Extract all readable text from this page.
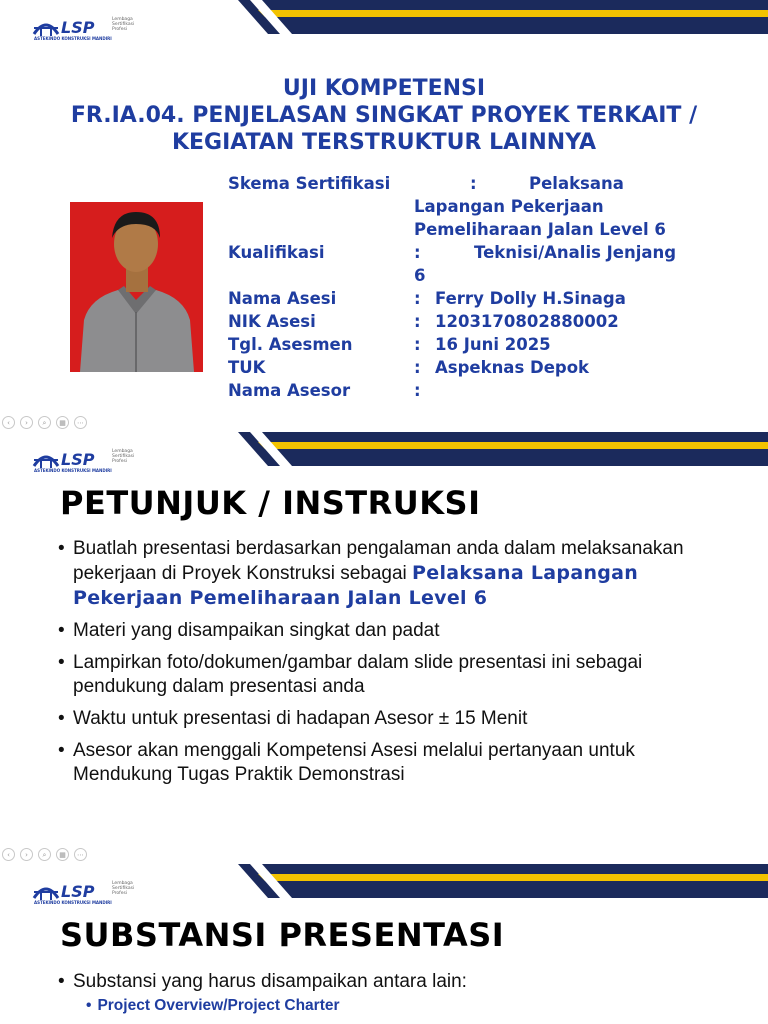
LSP	Lembaga
Sertifikasi
Profesi
ASTEKINDO KONSTRUKSI MANDIRI
UJI KOMPETENSI
FR.IA.04. PENJELASAN SINGKAT PROYEK TERKAIT /
KEGIATAN TERSTRUKTUR LAINNYA
Skema Sertifikasi	:	Pelaksana
Lapangan Pekerjaan
Pemeliharaan Jalan Level 6
Kualifikasi	:	Teknisi/Analis Jenjang
6
Nama Asesi	: Ferry Dolly H.Sinaga
NIK Asesi	: 1203170802880002
Tgl. Asesmen	: 16 Juni 2025
TUK	: Aspeknas Depok
Nama Asesor	:
‹	›	⌕	▦	⋯
LSP	Lembaga
Sertifikasi
Profesi
ASTEKINDO KONSTRUKSI MANDIRI
PETUNJUK / INSTRUKSI
• Buatlah presentasi berdasarkan pengalaman anda dalam melaksanakan pekerjaan di Proyek Konstruksi sebagai Pelaksana Lapangan Pekerjaan Pemeliharaan Jalan Level 6
• Materi yang disampaikan singkat dan padat
• Lampirkan foto/dokumen/gambar dalam slide presentasi ini sebagai pendukung dalam presentasi anda
• Waktu untuk presentasi di hadapan Asesor ± 15 Menit
• Asesor akan menggali Kompetensi Asesi melalui pertanyaan untuk Mendukung Tugas Praktik Demonstrasi
‹	›	⌕	▦	⋯
LSP	Lembaga
Sertifikasi
Profesi
ASTEKINDO KONSTRUKSI MANDIRI
SUBSTANSI PRESENTASI
• Substansi yang harus disampaikan antara lain:
• Project Overview/Project Charter
